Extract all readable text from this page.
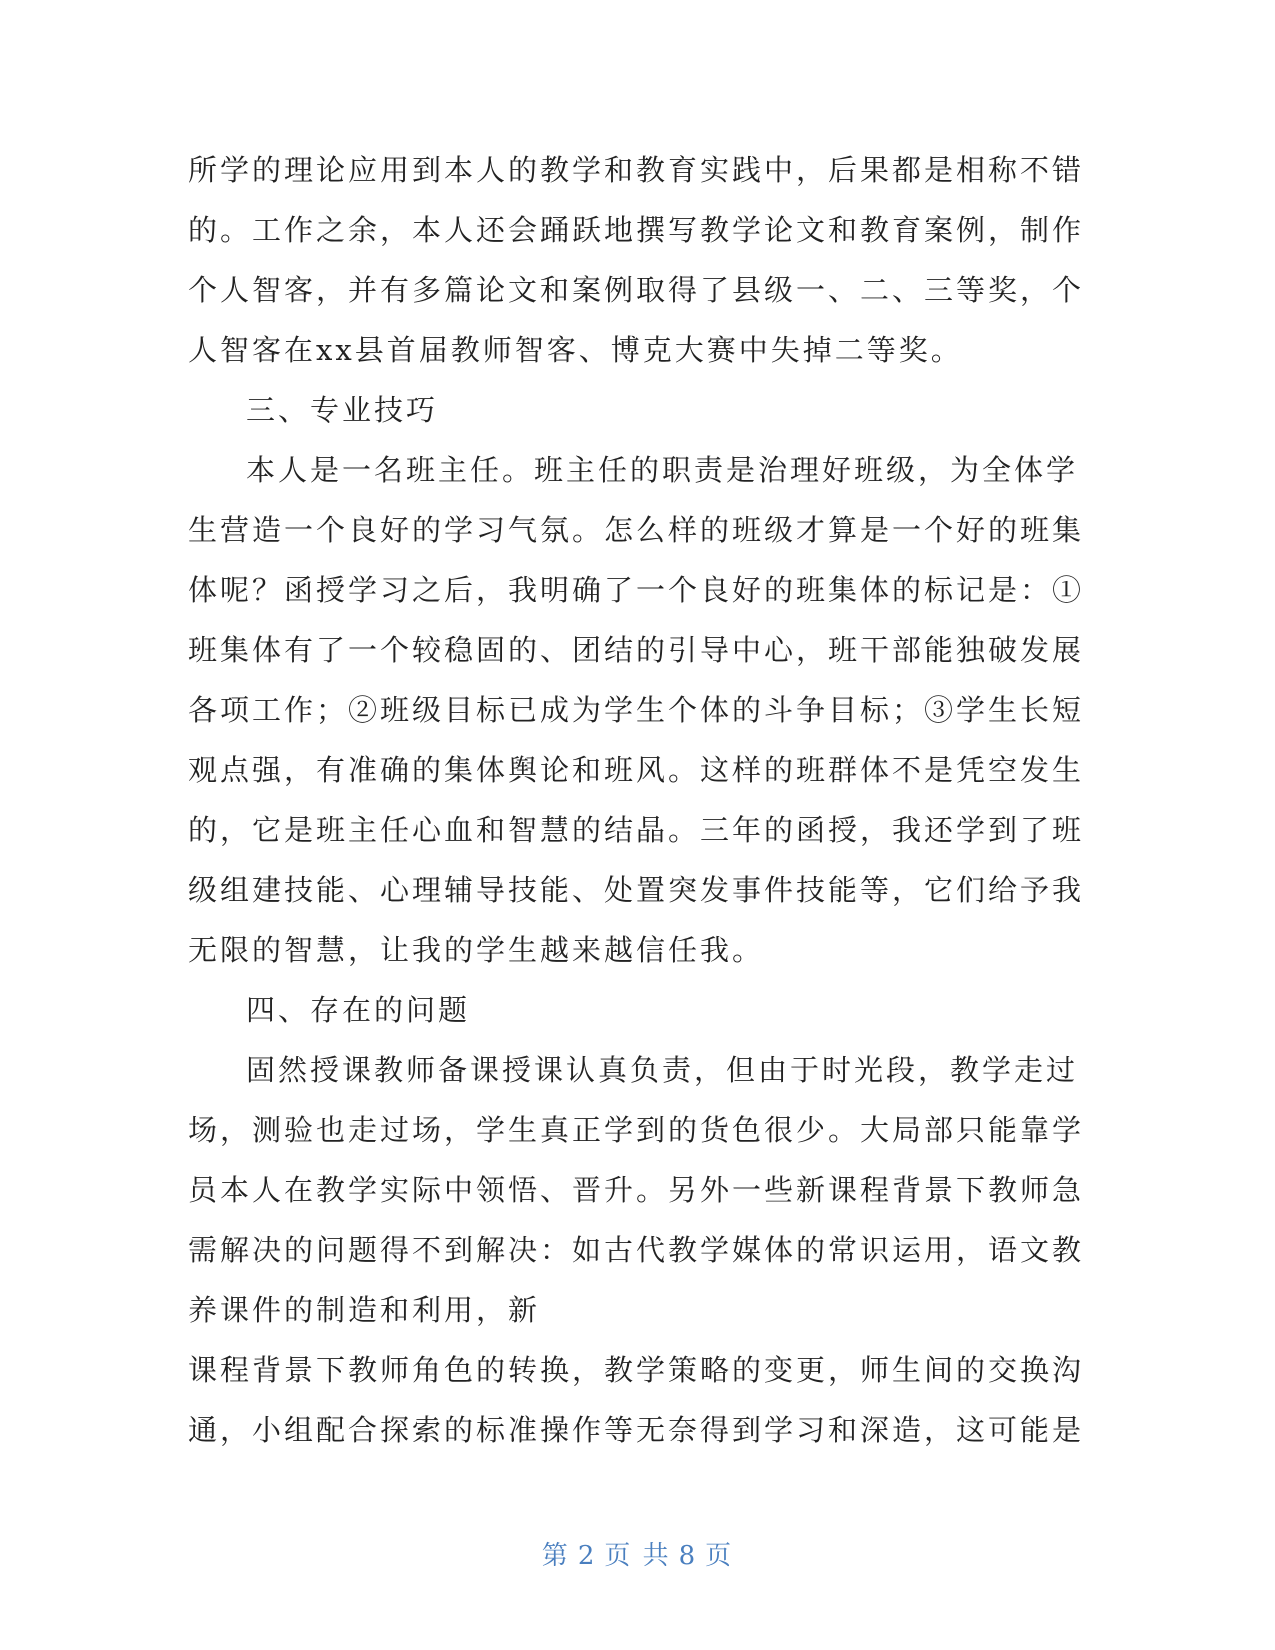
所学的理论应用到本人的教学和教育实践中，后果都是相称不错
的。工作之余，本人还会踊跃地撰写教学论文和教育案例，制作
个人智客，并有多篇论文和案例取得了县级一、二、三等奖，个
人智客在xx县首届教师智客、博克大赛中失掉二等奖。
三、专业技巧
本人是一名班主任。班主任的职责是治理好班级，为全体学
生营造一个良好的学习气氛。怎么样的班级才算是一个好的班集
体呢？函授学习之后，我明确了一个良好的班集体的标记是：①
班集体有了一个较稳固的、团结的引导中心，班干部能独破发展
各项工作；②班级目标已成为学生个体的斗争目标；③学生长短
观点强，有准确的集体舆论和班风。这样的班群体不是凭空发生
的，它是班主任心血和智慧的结晶。三年的函授，我还学到了班
级组建技能、心理辅导技能、处置突发事件技能等，它们给予我
无限的智慧，让我的学生越来越信任我。
四、存在的问题
固然授课教师备课授课认真负责，但由于时光段，教学走过
场，测验也走过场，学生真正学到的货色很少。大局部只能靠学
员本人在教学实际中领悟、晋升。另外一些新课程背景下教师急
需解决的问题得不到解决：如古代教学媒体的常识运用，语文教
养课件的制造和利用，新
课程背景下教师角色的转换，教学策略的变更，师生间的交换沟
通，小组配合探索的标准操作等无奈得到学习和深造，这可能是
第 2 页 共 8 页
